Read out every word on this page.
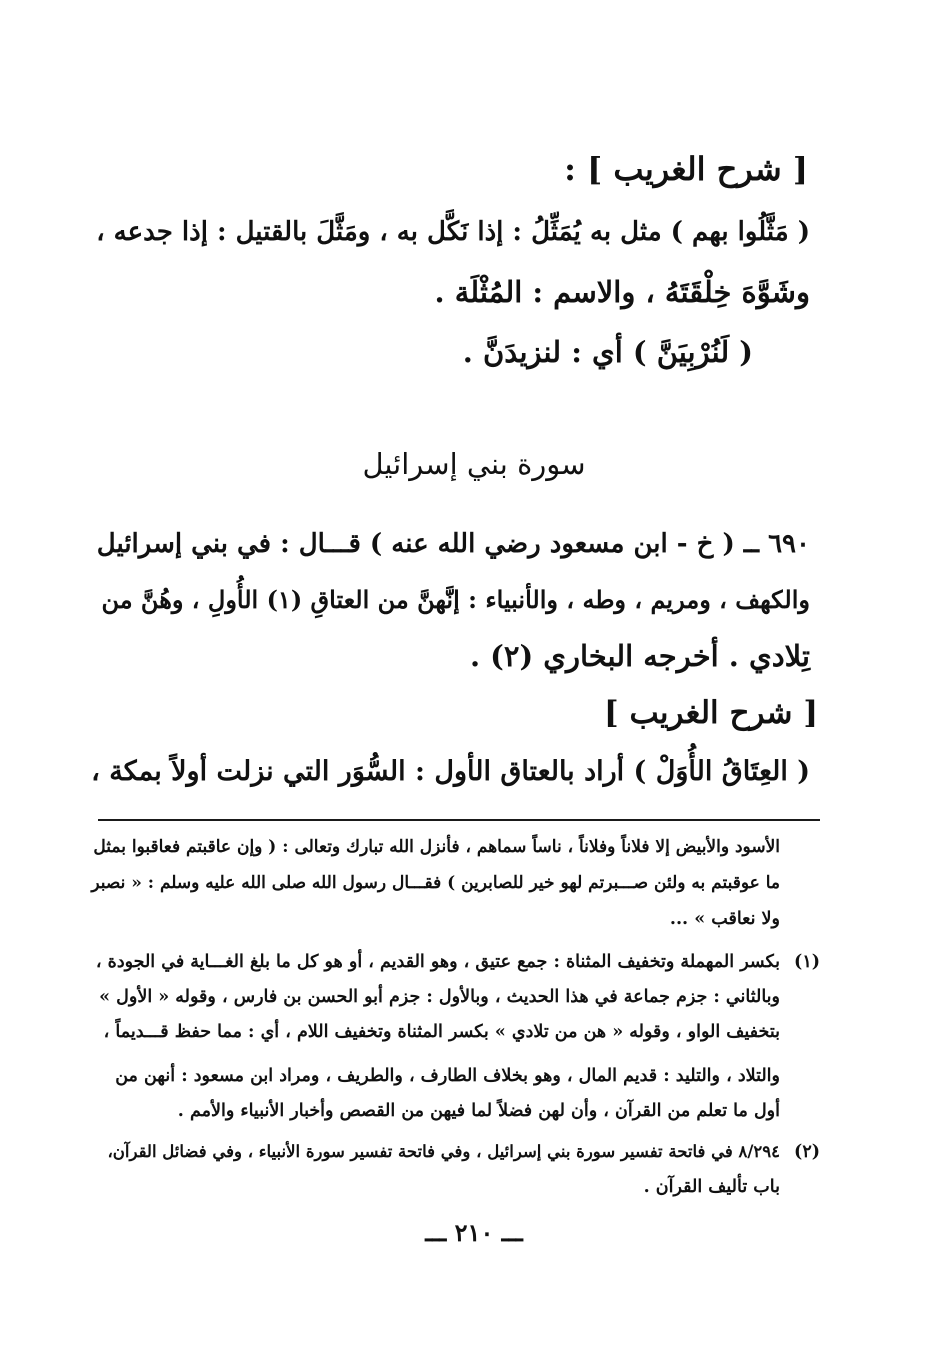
[ شرح الغريب ] :
( مَثَّلُوا بهم ) مثل به يُمَثِّلُ : إذا نَكَّل به ، ومَثَّلَ بالقتيل : إذا جدعه ،
وشَوَّهَ خِلْقَتَهُ ، والاسم : المُثْلَة .
( لَنُرْبِيَنَّ ) أي : لنزيدَنَّ .
سورة بني إسرائيل
٦٩٠ ــ ( خ - ابن مسعود رضي الله عنه ) قـــال : في بني إسرائيل
والكهف ، ومريم ، وطه ، والأنبياء : إنَّهنَّ من العتاقِ (١) الأُولِ ، وهُنَّ من
تِلادي . أخرجه البخاري (٢) .
[ شرح الغريب ]
( العِتَاقُ الأُوَلْ ) أراد بالعتاق الأول : السُّوَر التي نزلت أولاً بمكة ،
الأسود والأبيض إلا فلاناً وفلاناً ، ناساً سماهم ، فأنزل الله تبارك وتعالى : ( وإن عاقبتم فعاقبوا بمثل
ما عوقبتم به ولئن صـــبرتم لهو خير للصابرين ) فقـــال رسول الله صلى الله عليه وسلم : « نصبر
ولا نعاقب » ...
(١)
بكسر المهملة وتخفيف المثناة : جمع عتيق ، وهو القديم ، أو هو كل ما بلغ الغـــاية في الجودة ،
وبالثاني : جزم جماعة في هذا الحديث ، وبالأول : جزم أبو الحسن بن فارس ، وقوله « الأول »
بتخفيف الواو ، وقوله « هن من تلادي » بكسر المثناة وتخفيف اللام ، أي : مما حفظ قـــديماً ،
والتلاد ، والتليد : قديم المال ، وهو بخلاف الطارف ، والطريف ، ومراد ابن مسعود : أنهن من
أول ما تعلم من القرآن ، وأن لهن فضلاً لما فيهن من القصص وأخبار الأنبياء والأمم .
(٢)
٨/٢٩٤ في فاتحة تفسير سورة بني إسرائيل ، وفي فاتحة تفسير سورة الأنبياء ، وفي فضائل القرآن،
باب تأليف القرآن .
ـــ ٢١٠ ـــ
